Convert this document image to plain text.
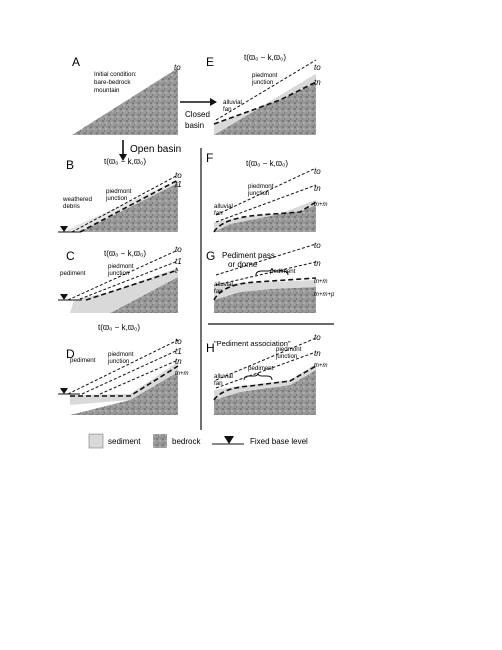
A
Initial condition:
bare-bedrock
mountain
to
Closed
basin
Open basin
B	t(ϖ₀ − k,ϖ₀)
to
t1
piedmont
junction
weathered
debris
C	t(ϖ₀ − k,ϖ₀)	to
t1
t
pediment
piedmont
junction
D
t(ϖ₀ − k,ϖ₀)
to
t1
tn
tn+m
pediment
piedmont
junction
E	t(ϖ₀ − k,ϖ₀)
to
tn
piedmont
junction
alluvial
fan
F	t(ϖ₀ − k,ϖ₀)
to
tn
tn+m
piedmont
junction
alluvial
fan
G
to
tn
tn+m
tn+m+p
Pediment pass
or dome
pediment
alluvial
fan
H "Pediment association"
to
tn
tn+m
piedmont
junction
pediment
alluvial
fan
sediment	bedrock	Fixed base level
